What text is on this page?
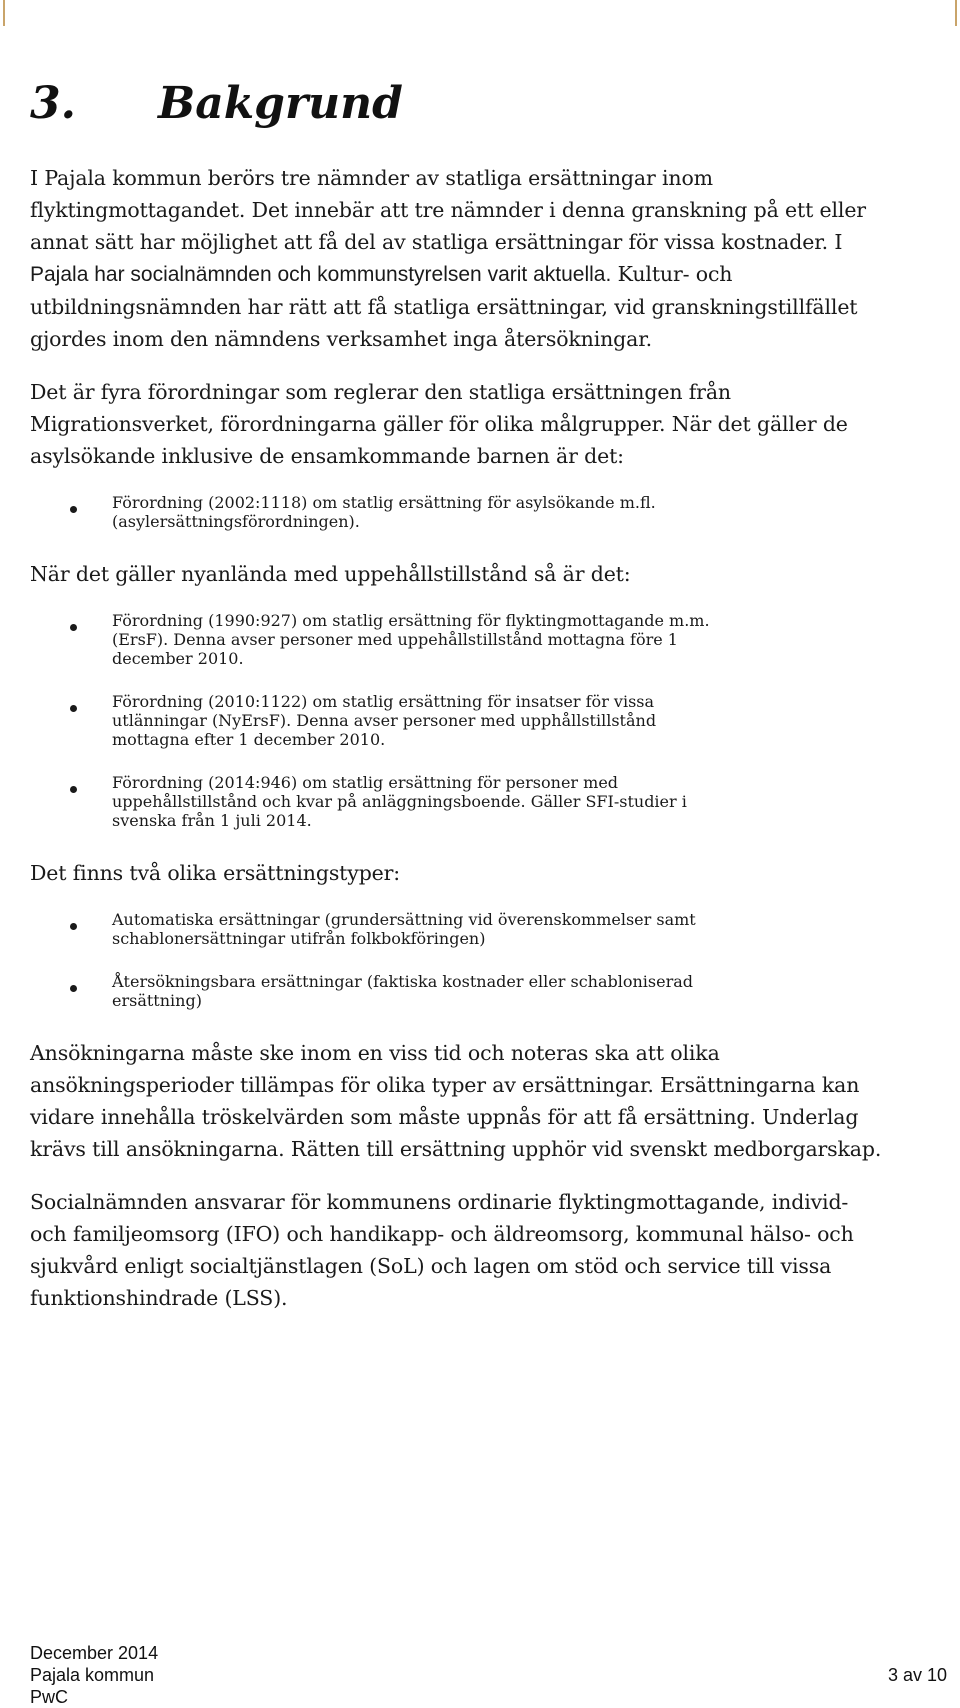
3. Bakgrund
I Pajala kommun berörs tre nämnder av statliga ersättningar inom
flyktingmottagandet. Det innebär att tre nämnder i denna granskning på ett eller
annat sätt har möjlighet att få del av statliga ersättningar för vissa kostnader. I
Pajala har socialnämnden och kommunstyrelsen varit aktuella. Kultur- och
utbildningsnämnden har rätt att få statliga ersättningar, vid granskningstillfället
gjordes inom den nämndens verksamhet inga återsökningar.
Det är fyra förordningar som reglerar den statliga ersättningen från
Migrationsverket, förordningarna gäller för olika målgrupper. När det gäller de
asylsökande inklusive de ensamkommande barnen är det:
Förordning (2002:1118) om statlig ersättning för asylsökande m.fl.
(asylersättningsförordningen).
När det gäller nyanlända med uppehållstillstånd så är det:
Förordning (1990:927) om statlig ersättning för flyktingmottagande m.m.
(ErsF). Denna avser personer med uppehållstillstånd mottagna före 1
december 2010.
Förordning (2010:1122) om statlig ersättning för insatser för vissa
utlänningar (NyErsF). Denna avser personer med upphållstillstånd
mottagna efter 1 december 2010.
Förordning (2014:946) om statlig ersättning för personer med
uppehållstillstånd och kvar på anläggningsboende. Gäller SFI-studier i
svenska från 1 juli 2014.
Det finns två olika ersättningstyper:
Automatiska ersättningar (grundersättning vid överenskommelser samt
schablonersättningar utifrån folkbokföringen)
Återsökningsbara ersättningar (faktiska kostnader eller schabloniserad
ersättning)
Ansökningarna måste ske inom en viss tid och noteras ska att olika
ansökningsperioder tillämpas för olika typer av ersättningar. Ersättningarna kan
vidare innehålla tröskelvärden som måste uppnås för att få ersättning. Underlag
krävs till ansökningarna. Rätten till ersättning upphör vid svenskt medborgarskap.
Socialnämnden ansvarar för kommunens ordinarie flyktingmottagande, individ-
och familjeomsorg (IFO) och handikapp- och äldreomsorg, kommunal hälso- och
sjukvård enligt socialtjänstlagen (SoL) och lagen om stöd och service till vissa
funktionshindrade (LSS).
December 2014
Pajala kommun
PwC
3 av 10
